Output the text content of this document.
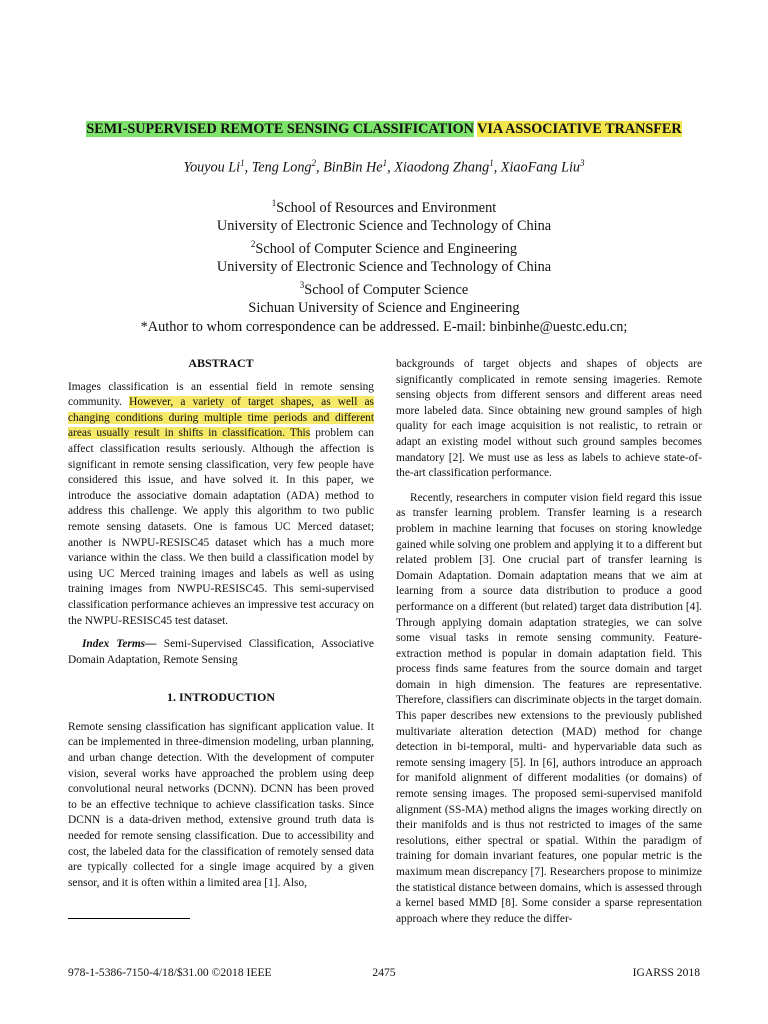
SEMI-SUPERVISED REMOTE SENSING CLASSIFICATION VIA ASSOCIATIVE TRANSFER
Youyou Li$^1$, Teng Long$^2$, BinBin He$^1$, Xiaodong Zhang$^1$, XiaoFang Liu$^3$
$^1$School of Resources and Environment
University of Electronic Science and Technology of China
$^2$School of Computer Science and Engineering
University of Electronic Science and Technology of China
$^3$School of Computer Science
Sichuan University of Science and Engineering
*Author to whom correspondence can be addressed. E-mail: binbinhe@uestc.edu.cn;
ABSTRACT

Images classification is an essential field in remote sensing community. However, a variety of target shapes, as well as changing conditions during multiple time periods and different areas usually result in shifts in classification. This problem can affect classification results seriously. Although the affection is significant in remote sensing classification, very few people have considered this issue, and have solved it. In this paper, we introduce the associative domain adaptation (ADA) method to address this challenge. We apply this algorithm to two public remote sensing datasets. One is famous UC Merced dataset; another is NWPU-RESISC45 dataset which has a much more variance within the class. We then build a classification model by using UC Merced training images and labels as well as using training images from NWPU-RESISC45. This semi-supervised classification performance achieves an impressive test accuracy on the NWPU-RESISC45 test dataset.

Index Terms— Semi-Supervised Classification, Associative Domain Adaptation, Remote Sensing

1. INTRODUCTION

Remote sensing classification has significant application value. It can be implemented in three-dimension modeling, urban planning, and urban change detection. With the development of computer vision, several works have approached the problem using deep convolutional neural networks (DCNN). DCNN has been proved to be an effective technique to achieve classification tasks. Since DCNN is a data-driven method, extensive ground truth data is needed for remote sensing classification. Due to accessibility and cost, the labeled data for the classification of remotely sensed data are typically collected for a single image acquired by a given sensor, and it is often within a limited area [1]. Also,

backgrounds of target objects and shapes of objects are significantly complicated in remote sensing imageries. Remote sensing objects from different sensors and different areas need more labeled data. Since obtaining new ground samples of high quality for each image acquisition is not realistic, to retrain or adapt an existing model without such ground samples becomes mandatory [2]. We must use as less as labels to achieve state-of-the-art classification performance.

Recently, researchers in computer vision field regard this issue as transfer learning problem. Transfer learning is a research problem in machine learning that focuses on storing knowledge gained while solving one problem and applying it to a different but related problem [3]. One crucial part of transfer learning is Domain Adaptation. Domain adaptation means that we aim at learning from a source data distribution to produce a good performance on a different (but related) target data distribution [4]. Through applying domain adaptation strategies, we can solve some visual tasks in remote sensing community. Feature-extraction method is popular in domain adaptation field. This process finds same features from the source domain and target domain in high dimension. The features are representative. Therefore, classifiers can discriminate objects in the target domain. This paper describes new extensions to the previously published multivariate alteration detection (MAD) method for change detection in bi-temporal, multi- and hypervariable data such as remote sensing imagery [5]. In [6], authors introduce an approach for manifold alignment of different modalities (or domains) of remote sensing images. The proposed semi-supervised manifold alignment (SS-MA) method aligns the images working directly on their manifolds and is thus not restricted to images of the same resolutions, either spectral or spatial. Within the paradigm of training for domain invariant features, one popular metric is the maximum mean discrepancy [7]. Researchers propose to minimize the statistical distance between domains, which is assessed through a kernel based MMD [8]. Some consider a sparse representation approach where they reduce the differ-

978-1-5386-7150-4/18/$31.00 ©2018 IEEE	2475	IGARSS 2018
